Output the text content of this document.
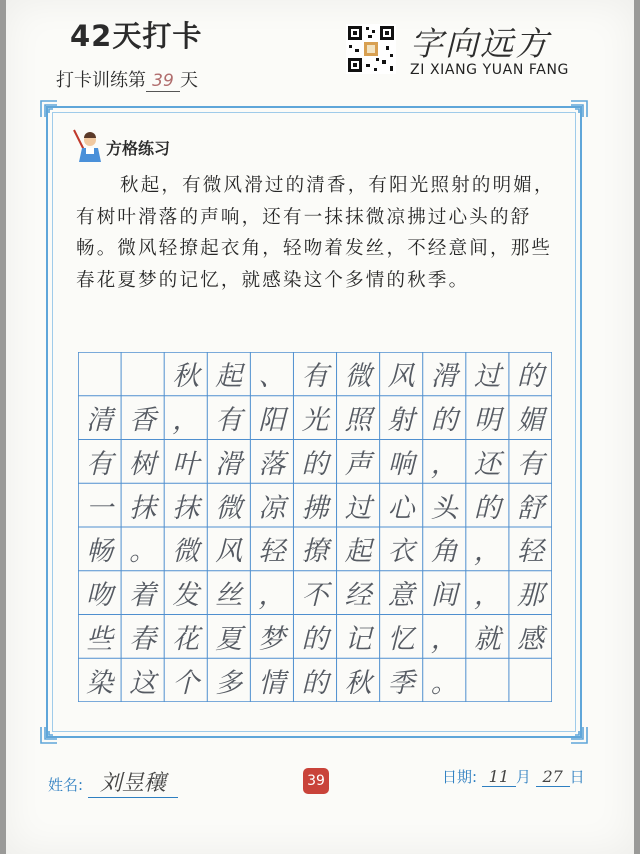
42天打卡
打卡训练第 39 天
字向远方
ZI XIANG YUAN FANG
方格练习
秋起，有微风滑过的清香，有阳光照射的明媚，有树叶滑落的声响，还有一抹抹微凉拂过心头的舒畅。微风轻撩起衣角，轻吻着发丝，不经意间，那些春花夏梦的记忆，就感染这个多情的秋季。
秋 起 、 有 微 风 滑 过 的
清 香 ， 有 阳 光 照 射 的 明 媚
有 树 叶 滑 落 的 声 响 ， 还 有
一 抹 抹 微 凉 拂 过 心 头 的 舒
畅 。 微 风 轻 撩 起 衣 角 ， 轻
吻 着 发 丝 ， 不 经 意 间 ， 那
些 春 花 夏 梦 的 记 忆 ， 就 感
染 这 个 多 情 的 秋 季 。
姓名: 刘昱穰	39	日期: 11 月 27 日
